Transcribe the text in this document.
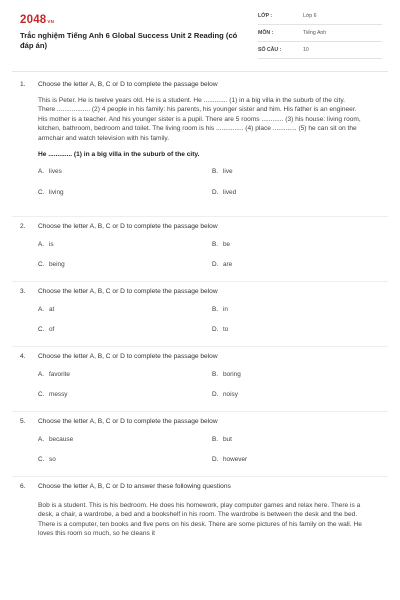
2048VN
Trắc nghiệm Tiếng Anh 6 Global Success Unit 2 Reading (có đáp án)
LỚP :	Lớp 6
MÔN :	Tiếng Anh
SỐ CÂU :	10
1. Choose the letter A, B, C or D to complete the passage below
This is Peter. He is twelve years old. He is a student. He ............. (1) in a big villa in the suburb of the city. There .................. (2) 4 people in his family: his parents, his younger sister and him. His father is an engineer. His mother is a teacher. And his younger sister is a pupil. There are 5 rooms ............ (3) his house: living room, kitchen, bathroom, bedroom and toilet. The living room is his ............... (4) place ............. (5) he can sit on the armchair and watch television with his family.
He ............. (1) in a big villa in the suburb of the city.
A. lives	B. live
C. living	D. lived
2. Choose the letter A, B, C or D to complete the passage below
A. is	B. be
C. being	D. are
3. Choose the letter A, B, C or D to complete the passage below
A. at	B. in
C. of	D. to
4. Choose the letter A, B, C or D to complete the passage below
A. favorite	B. boring
C. messy	D. noisy
5. Choose the letter A, B, C or D to complete the passage below
A. because	B. but
C. so	D. however
6. Choose the letter A, B, C or D to answer these following questions
Bob is a student. This is his bedroom. He does his homework, play computer games and relax here. There is a desk, a chair, a wardrobe, a bed and a bookshelf in his room. The wardrobe is between the desk and the bed. There is a computer, ten books and five pens on his desk. There are some pictures of his family on the wall. He loves this room so much, so he cleans it
